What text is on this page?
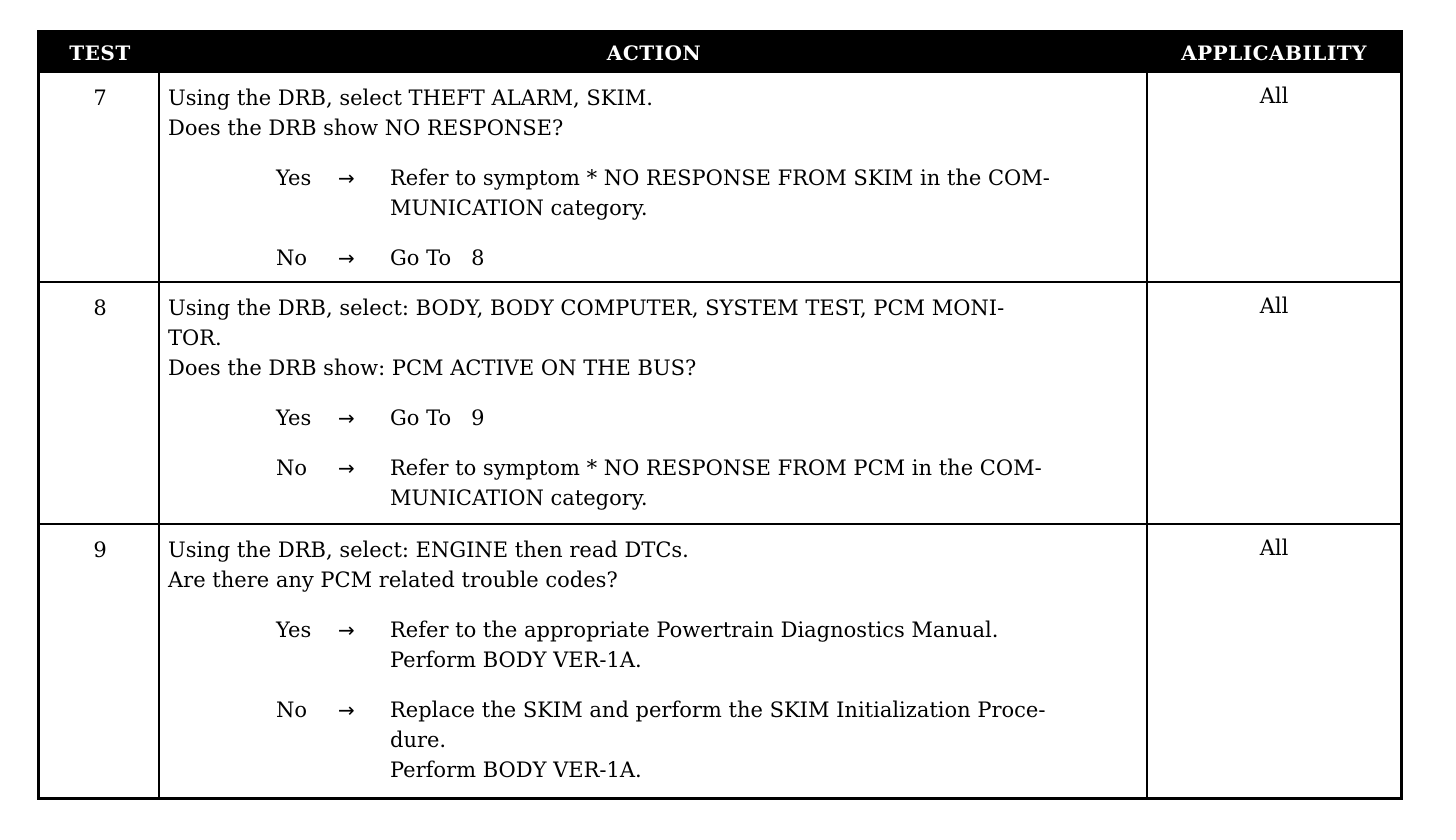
TEST	ACTION	APPLICABILITY
7	Using the DRB, select THEFT ALARM, SKIM.
Does the DRB show NO RESPONSE?
Yes	→	Refer to symptom * NO RESPONSE FROM SKIM in the COM-
MUNICATION category.
No	→	Go To   8
All
8	Using the DRB, select: BODY, BODY COMPUTER, SYSTEM TEST, PCM MONI-
TOR.
Does the DRB show: PCM ACTIVE ON THE BUS?
Yes	→	Go To   9
No	→	Refer to symptom * NO RESPONSE FROM PCM in the COM-
MUNICATION category.
All
9	Using the DRB, select: ENGINE then read DTCs.
Are there any PCM related trouble codes?
Yes	→	Refer to the appropriate Powertrain Diagnostics Manual.
Perform BODY VER-1A.
No	→	Replace the SKIM and perform the SKIM Initialization Proce-
dure.
Perform BODY VER-1A.
All
